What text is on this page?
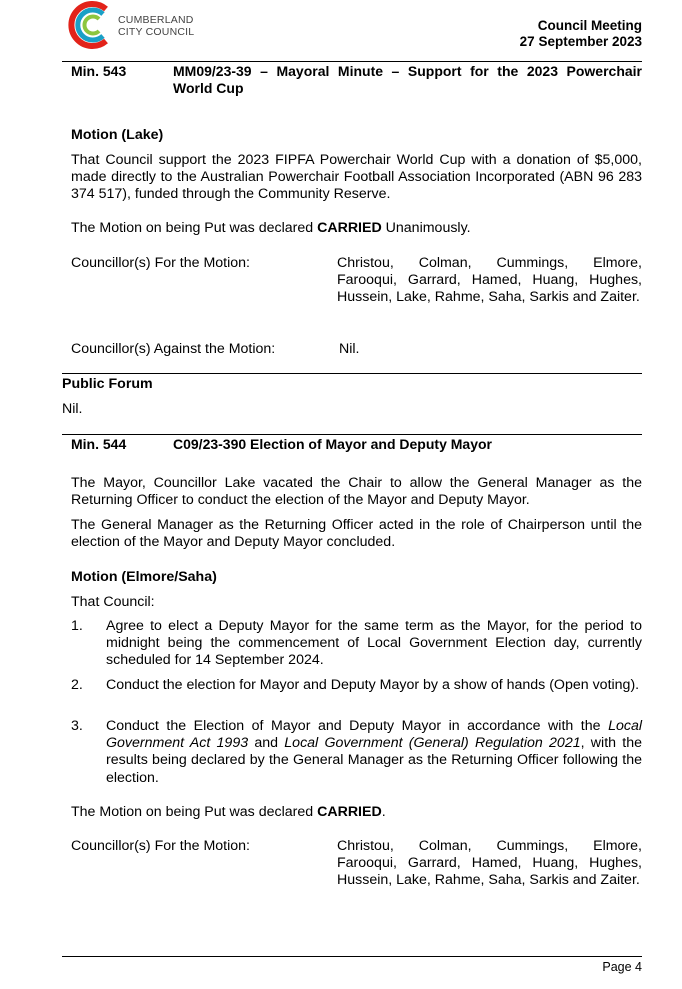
CUMBERLAND
CITY COUNCIL	Council Meeting
27 September 2023
Min. 543	MM09/23-39 – Mayoral Minute – Support for the 2023 Powerchair World Cup
Motion (Lake)
That Council support the 2023 FIPFA Powerchair World Cup with a donation of $5,000, made directly to the Australian Powerchair Football Association Incorporated (ABN 96 283 374 517), funded through the Community Reserve.
The Motion on being Put was declared CARRIED Unanimously.
Councillor(s) For the Motion:	Christou, Colman, Cummings, Elmore, Farooqui, Garrard, Hamed, Huang, Hughes, Hussein, Lake, Rahme, Saha, Sarkis and Zaiter.
Councillor(s) Against the Motion:	Nil.
Public Forum
Nil.
Min. 544	C09/23-390 Election of Mayor and Deputy Mayor
The Mayor, Councillor Lake vacated the Chair to allow the General Manager as the Returning Officer to conduct the election of the Mayor and Deputy Mayor.
The General Manager as the Returning Officer acted in the role of Chairperson until the election of the Mayor and Deputy Mayor concluded.
Motion (Elmore/Saha)
That Council:
1. Agree to elect a Deputy Mayor for the same term as the Mayor, for the period to midnight being the commencement of Local Government Election day, currently scheduled for 14 September 2024.
2. Conduct the election for Mayor and Deputy Mayor by a show of hands (Open voting).
3. Conduct the Election of Mayor and Deputy Mayor in accordance with the Local Government Act 1993 and Local Government (General) Regulation 2021, with the results being declared by the General Manager as the Returning Officer following the election.
The Motion on being Put was declared CARRIED.
Councillor(s) For the Motion:	Christou, Colman, Cummings, Elmore, Farooqui, Garrard, Hamed, Huang, Hughes, Hussein, Lake, Rahme, Saha, Sarkis and Zaiter.
Page 4
